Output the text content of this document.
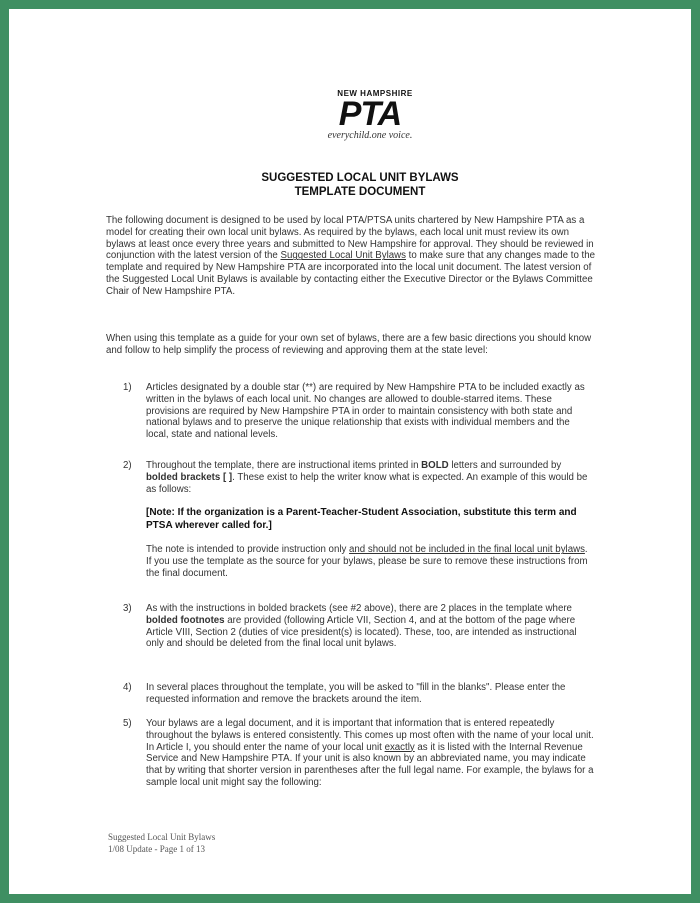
NEW HAMPSHIRE
PTA
everychild.one voice.
SUGGESTED LOCAL UNIT BYLAWS
TEMPLATE DOCUMENT
The following document is designed to be used by local PTA/PTSA units chartered by New Hampshire PTA as a model for creating their own local unit bylaws. As required by the bylaws, each local unit must review its own bylaws at least once every three years and submitted to New Hampshire for approval. They should be reviewed in conjunction with the latest version of the Suggested Local Unit Bylaws to make sure that any changes made to the template and required by New Hampshire PTA are incorporated into the local unit document. The latest version of the Suggested Local Unit Bylaws is available by contacting either the Executive Director or the Bylaws Committee Chair of New Hampshire PTA.
When using this template as a guide for your own set of bylaws, there are a few basic directions you should know and follow to help simplify the process of reviewing and approving them at the state level:
1) Articles designated by a double star (**) are required by New Hampshire PTA to be included exactly as written in the bylaws of each local unit. No changes are allowed to double-starred items. These provisions are required by New Hampshire PTA in order to maintain consistency with both state and national bylaws and to preserve the unique relationship that exists with individual members and the local, state and national levels.
2) Throughout the template, there are instructional items printed in BOLD letters and surrounded by bolded brackets [ ]. These exist to help the writer know what is expected. An example of this would be as follows:
[Note: If the organization is a Parent-Teacher-Student Association, substitute this term and PTSA wherever called for.]
The note is intended to provide instruction only and should not be included in the final local unit bylaws. If you use the template as the source for your bylaws, please be sure to remove these instructions from the final document.
3) As with the instructions in bolded brackets (see #2 above), there are 2 places in the template where bolded footnotes are provided (following Article VII, Section 4, and at the bottom of the page where Article VIII, Section 2 (duties of vice president(s) is located). These, too, are intended as instructional only and should be deleted from the final local unit bylaws.
4) In several places throughout the template, you will be asked to "fill in the blanks". Please enter the requested information and remove the brackets around the item.
5) Your bylaws are a legal document, and it is important that information that is entered repeatedly throughout the bylaws is entered consistently. This comes up most often with the name of your local unit. In Article I, you should enter the name of your local unit exactly as it is listed with the Internal Revenue Service and New Hampshire PTA. If your unit is also known by an abbreviated name, you may indicate that by writing that shorter version in parentheses after the full legal name. For example, the bylaws for a sample local unit might say the following:
Suggested Local Unit Bylaws
1/08 Update - Page 1 of 13
